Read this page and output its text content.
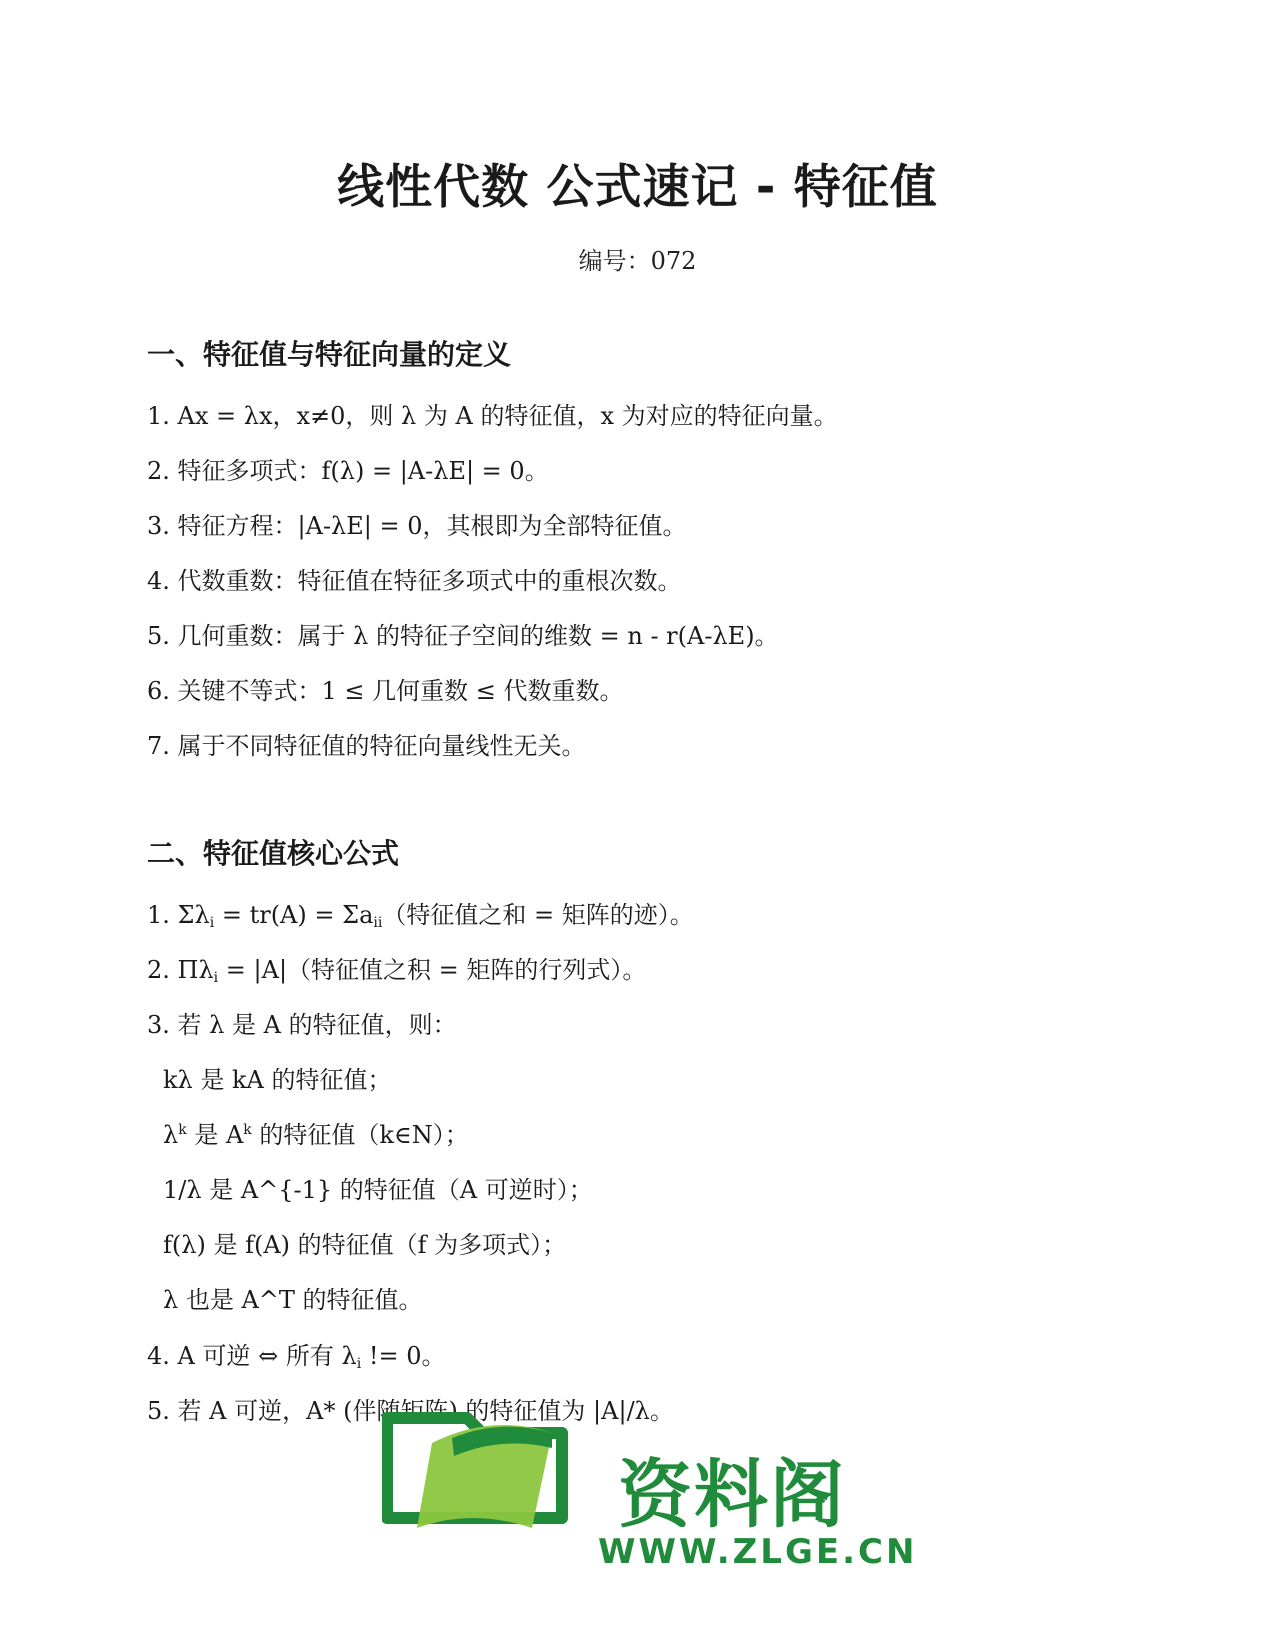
线性代数 公式速记 - 特征值
编号：072
一、特征值与特征向量的定义

1. Ax = λx，x≠0，则 λ 为 A 的特征值，x 为对应的特征向量。

2. 特征多项式：f(λ) = |A-λE| = 0。

3. 特征方程：|A-λE| = 0，其根即为全部特征值。

4. 代数重数：特征值在特征多项式中的重根次数。

5. 几何重数：属于 λ 的特征子空间的维数 = n - r(A-λE)。

6. 关键不等式：1 ≤ 几何重数 ≤ 代数重数。

7. 属于不同特征值的特征向量线性无关。

二、特征值核心公式

1. $\Sigma\lambda_i = tr(A) = \Sigma a_{ii}$（特征值之和 = 矩阵的迹）。

2. $\Pi\lambda_i = |A|$（特征值之积 = 矩阵的行列式）。

3. 若 λ 是 A 的特征值，则：

kλ 是 kA 的特征值；

$\lambda^k$ 是 $A^k$ 的特征值（k∈N）；

1/λ 是 A^{-1} 的特征值（A 可逆时）；

f(λ) 是 f(A) 的特征值（f 为多项式）；

λ 也是 A^T 的特征值。

4. A 可逆 ⇔ 所有 $\lambda_i$ != 0。

5. 若 A 可逆，A* (伴随矩阵) 的特征值为 |A|/λ。

资料阁
WWW.ZLGE.CN
